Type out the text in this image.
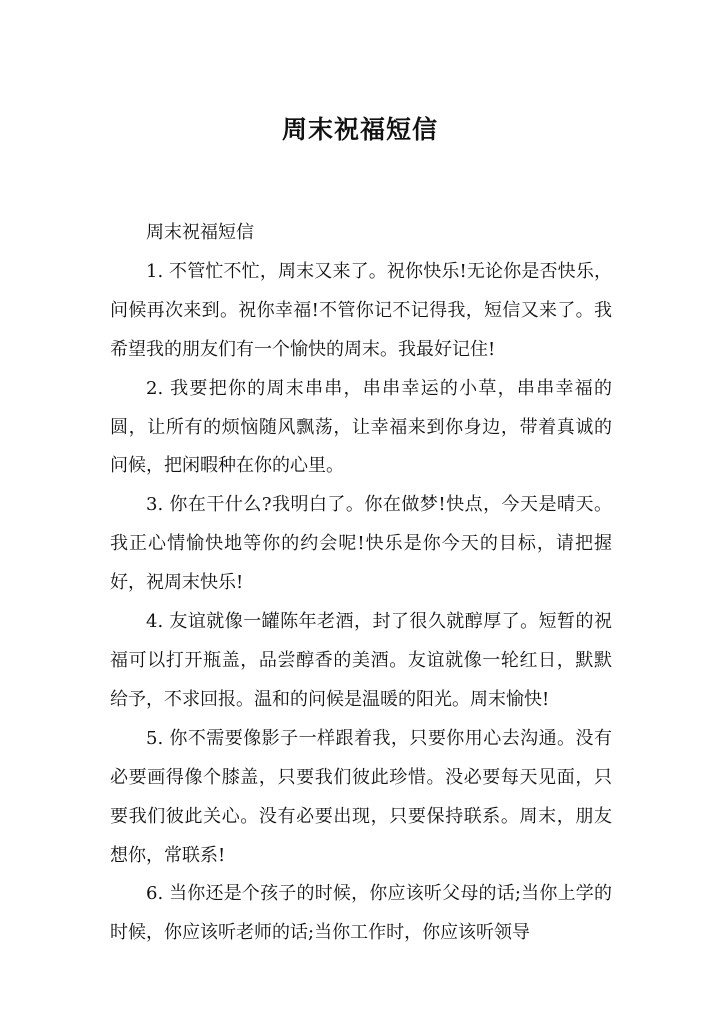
周末祝福短信

周末祝福短信

1. 不管忙不忙，周末又来了。祝你快乐!无论你是否快乐，问候再次来到。祝你幸福!不管你记不记得我，短信又来了。我希望我的朋友们有一个愉快的周末。我最好记住!

2. 我要把你的周末串串，串串幸运的小草，串串幸福的圆，让所有的烦恼随风飘荡，让幸福来到你身边，带着真诚的问候，把闲暇种在你的心里。

3. 你在干什么?我明白了。你在做梦!快点，今天是晴天。我正心情愉快地等你的约会呢!快乐是你今天的目标，请把握好，祝周末快乐!

4. 友谊就像一罐陈年老酒，封了很久就醇厚了。短暂的祝福可以打开瓶盖，品尝醇香的美酒。友谊就像一轮红日，默默给予，不求回报。温和的问候是温暖的阳光。周末愉快!

5. 你不需要像影子一样跟着我，只要你用心去沟通。没有必要画得像个膝盖，只要我们彼此珍惜。没必要每天见面，只要我们彼此关心。没有必要出现，只要保持联系。周末，朋友想你，常联系!

6. 当你还是个孩子的时候，你应该听父母的话;当你上学的时候，你应该听老师的话;当你工作时，你应该听领导
